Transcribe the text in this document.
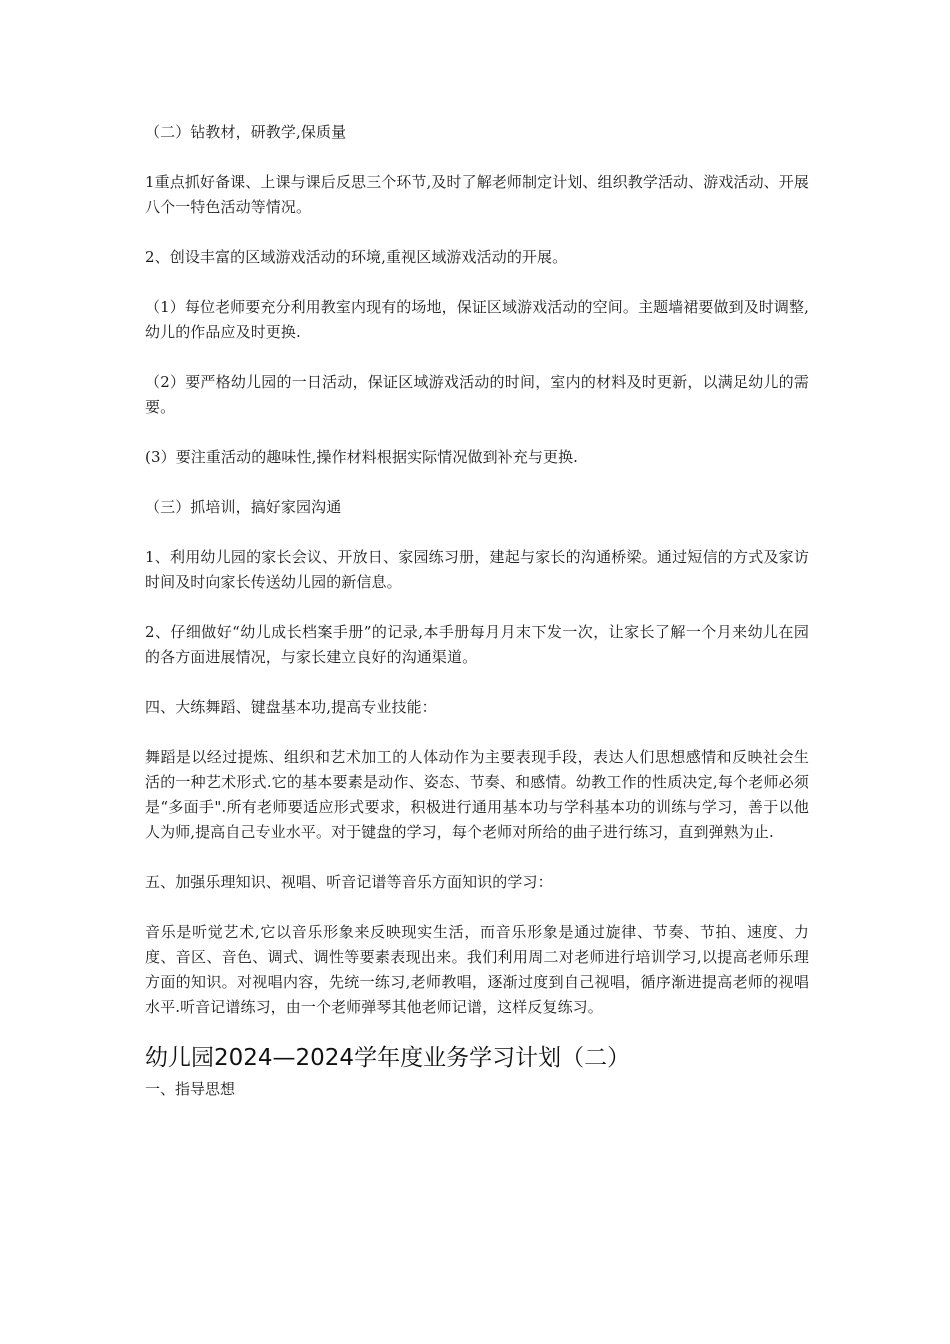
（二）钻教材，研教学,保质量

1重点抓好备课、上课与课后反思三个环节,及时了解老师制定计划、组织教学活动、游戏活动、开展八个一特色活动等情况。

2、创设丰富的区域游戏活动的环境,重视区域游戏活动的开展。

（1）每位老师要充分利用教室内现有的场地，保证区域游戏活动的空间。主题墙裙要做到及时调整,幼儿的作品应及时更换.

（2）要严格幼儿园的一日活动，保证区域游戏活动的时间，室内的材料及时更新，以满足幼儿的需要。

(3）要注重活动的趣味性,操作材料根据实际情况做到补充与更换.

（三）抓培训，搞好家园沟通

1、利用幼儿园的家长会议、开放日、家园练习册，建起与家长的沟通桥梁。通过短信的方式及家访时间及时向家长传送幼儿园的新信息。

2、仔细做好“幼儿成长档案手册”的记录,本手册每月月末下发一次，让家长了解一个月来幼儿在园的各方面进展情况，与家长建立良好的沟通渠道。

四、大练舞蹈、键盘基本功,提高专业技能：

舞蹈是以经过提炼、组织和艺术加工的人体动作为主要表现手段，表达人们思想感情和反映社会生活的一种艺术形式.它的基本要素是动作、姿态、节奏、和感情。幼教工作的性质决定,每个老师必须是“多面手".所有老师要适应形式要求，积极进行通用基本功与学科基本功的训练与学习，善于以他人为师,提高自己专业水平。对于键盘的学习，每个老师对所给的曲子进行练习，直到弹熟为止.

五、加强乐理知识、视唱、听音记谱等音乐方面知识的学习：

音乐是听觉艺术,它以音乐形象来反映现实生活，而音乐形象是通过旋律、节奏、节拍、速度、力度、音区、音色、调式、调性等要素表现出来。我们利用周二对老师进行培训学习,以提高老师乐理方面的知识。对视唱内容，先统一练习,老师教唱，逐渐过度到自己视唱，循序渐进提高老师的视唱水平.听音记谱练习，由一个老师弹琴其他老师记谱，这样反复练习。

幼儿园2024—2024学年度业务学习计划（二）

一、指导思想
